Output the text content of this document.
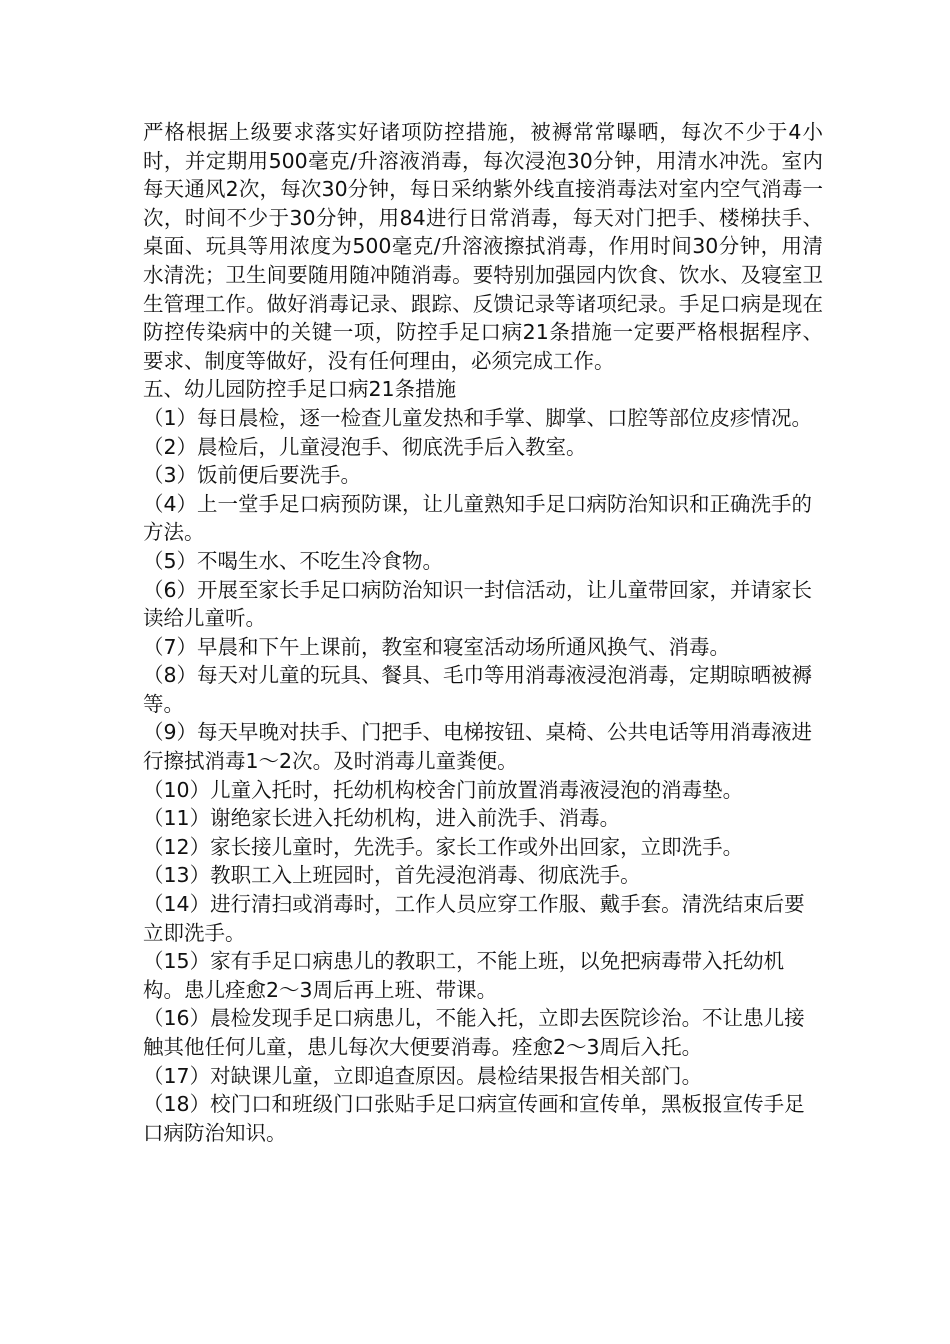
严格根据上级要求落实好诸项防控措施，被褥常常曝晒，每次不少于4小时，并定期用500毫克/升溶液消毒，每次浸泡30分钟，用清水冲洗。室内每天通风2次，每次30分钟，每日采纳紫外线直接消毒法对室内空气消毒一次，时间不少于30分钟，用84进行日常消毒，每天对门把手、楼梯扶手、桌面、玩具等用浓度为500毫克/升溶液擦拭消毒，作用时间30分钟，用清水清洗；卫生间要随用随冲随消毒。要特别加强园内饮食、饮水、及寝室卫生管理工作。做好消毒记录、跟踪、反馈记录等诸项纪录。手足口病是现在防控传染病中的关键一项，防控手足口病21条措施一定要严格根据程序、要求、制度等做好，没有任何理由，必须完成工作。

五、幼儿园防控手足口病21条措施

（1）每日晨检，逐一检查儿童发热和手掌、脚掌、口腔等部位皮疹情况。

（2）晨检后，儿童浸泡手、彻底洗手后入教室。

（3）饭前便后要洗手。

（4）上一堂手足口病预防课，让儿童熟知手足口病防治知识和正确洗手的方法。

（5）不喝生水、不吃生冷食物。

（6）开展至家长手足口病防治知识一封信活动，让儿童带回家，并请家长读给儿童听。

（7）早晨和下午上课前，教室和寝室活动场所通风换气、消毒。

（8）每天对儿童的玩具、餐具、毛巾等用消毒液浸泡消毒，定期晾晒被褥等。

（9）每天早晚对扶手、门把手、电梯按钮、桌椅、公共电话等用消毒液进行擦拭消毒1～2次。及时消毒儿童粪便。

（10）儿童入托时，托幼机构校舍门前放置消毒液浸泡的消毒垫。

（11）谢绝家长进入托幼机构，进入前洗手、消毒。

（12）家长接儿童时，先洗手。家长工作或外出回家，立即洗手。

（13）教职工入上班园时，首先浸泡消毒、彻底洗手。

（14）进行清扫或消毒时，工作人员应穿工作服、戴手套。清洗结束后要立即洗手。

（15）家有手足口病患儿的教职工，不能上班，以免把病毒带入托幼机构。患儿痊愈2～3周后再上班、带课。

（16）晨检发现手足口病患儿，不能入托，立即去医院诊治。不让患儿接触其他任何儿童，患儿每次大便要消毒。痊愈2～3周后入托。

（17）对缺课儿童，立即追查原因。晨检结果报告相关部门。

（18）校门口和班级门口张贴手足口病宣传画和宣传单，黑板报宣传手足口病防治知识。
